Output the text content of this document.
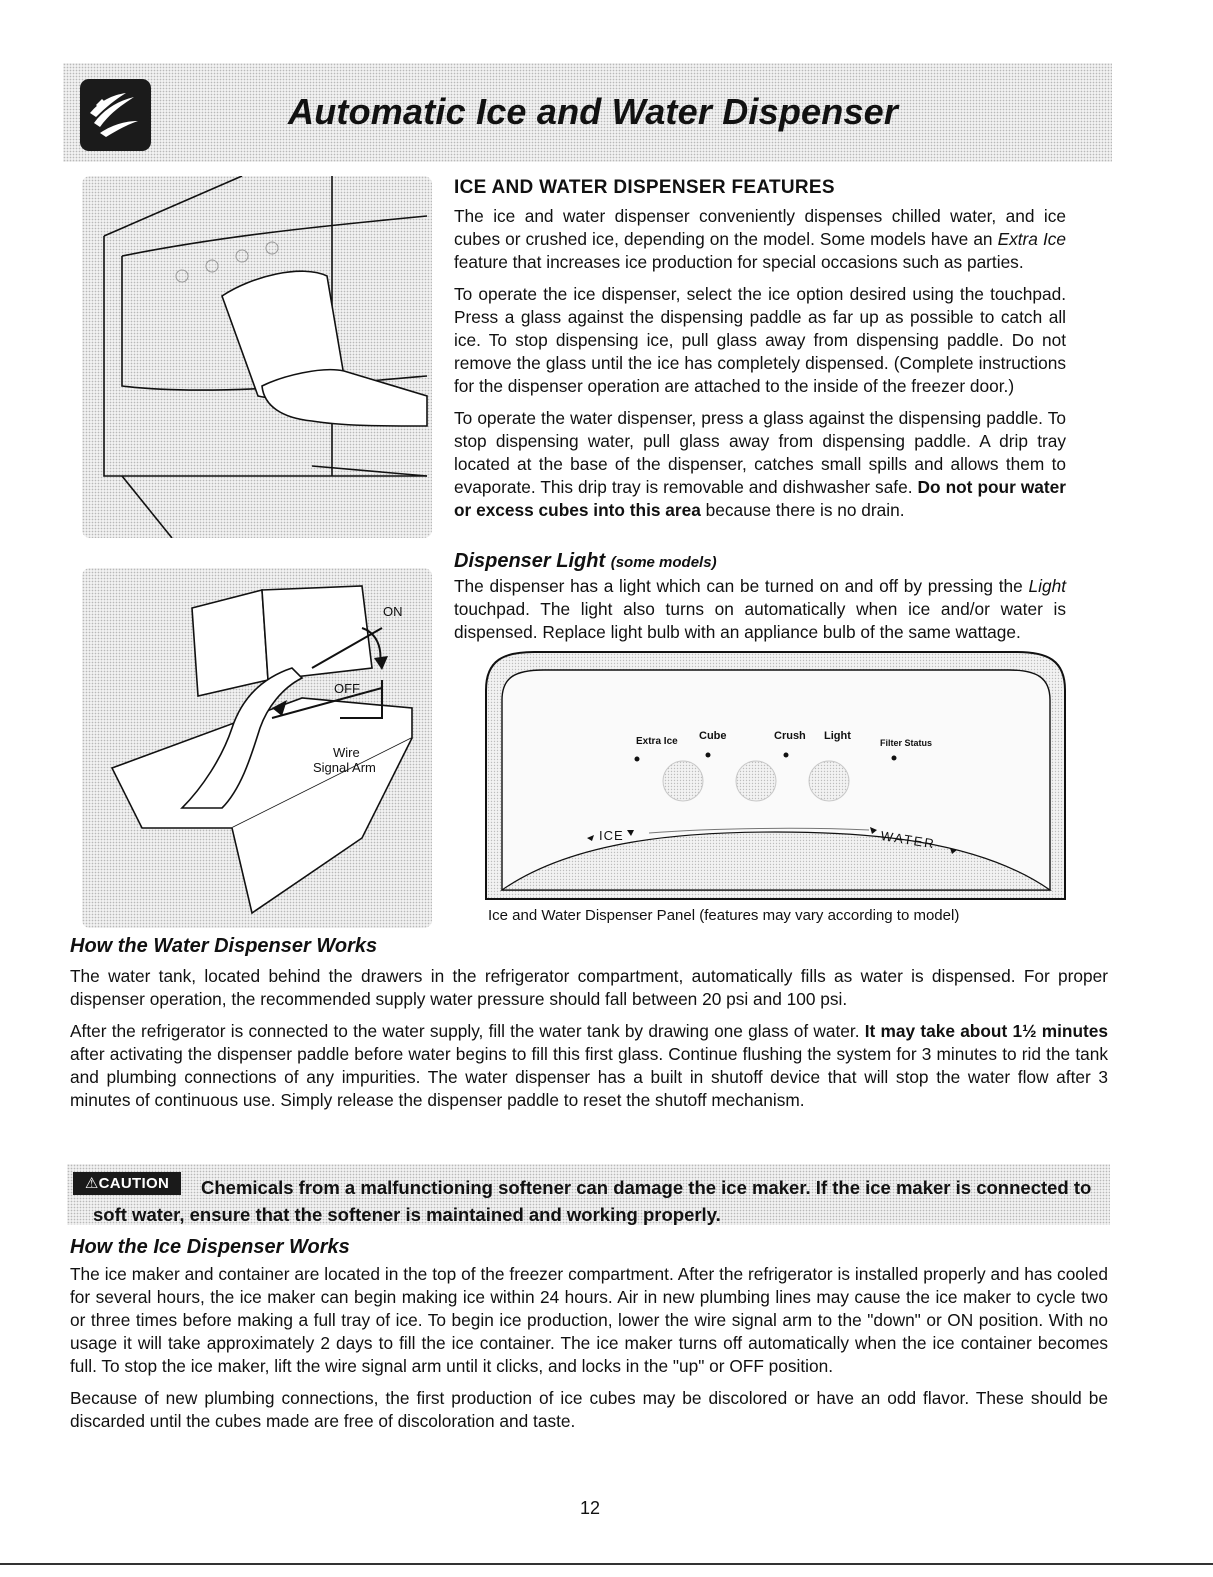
Automatic Ice and Water Dispenser
ON
OFF
Wire
Signal Arm
ICE AND WATER DISPENSER FEATURES

The ice and water dispenser conveniently dispenses chilled water, and ice cubes or crushed ice, depending on the model. Some models have an Extra Ice feature that increases ice production for special occasions such as parties.

To operate the ice dispenser, select the ice option desired using the touchpad. Press a glass against the dispensing paddle as far up as possible to catch all ice. To stop dispensing ice, pull glass away from dispensing paddle. Do not remove the glass until the ice has completely dispensed. (Complete instructions for the dispenser operation are attached to the inside of the freezer door.)

To operate the water dispenser, press a glass against the dispensing paddle. To stop dispensing water, pull glass away from dispensing paddle. A drip tray located at the base of the dispenser, catches small spills and allows them to evaporate. This drip tray is removable and dishwasher safe. Do not pour water or excess cubes into this area because there is no drain.

Dispenser Light (some models)

The dispenser has a light which can be turned on and off by pressing the Light touchpad. The light also turns on automatically when ice and/or water is dispensed. Replace light bulb with an appliance bulb of the same wattage.

Extra Ice Cube	Crush Light
Filter Status
ICE	WATER
Ice and Water Dispenser Panel (features may vary according to model)
How the Water Dispenser Works

The water tank, located behind the drawers in the refrigerator compartment, automatically fills as water is dispensed. For proper dispenser operation, the recommended supply water pressure should fall between 20 psi and 100 psi.

After the refrigerator is connected to the water supply, fill the water tank by drawing one glass of water. It may take about 1½ minutes after activating the dispenser paddle before water begins to fill this first glass. Continue flushing the system for 3 minutes to rid the tank and plumbing connections of any impurities. The water dispenser has a built in shutoff device that will stop the water flow after 3 minutes of continuous use. Simply release the dispenser paddle to reset the shutoff mechanism.

⚠CAUTION	Chemicals from a malfunctioning softener can damage the ice maker. If the ice maker is connected to soft water, ensure that the softener is maintained and working properly.
How the Ice Dispenser Works

The ice maker and container are located in the top of the freezer compartment. After the refrigerator is installed properly and has cooled for several hours, the ice maker can begin making ice within 24 hours. Air in new plumbing lines may cause the ice maker to cycle two or three times before making a full tray of ice. To begin ice production, lower the wire signal arm to the "down" or ON position. With no usage it will take approximately 2 days to fill the ice container. The ice maker turns off automatically when the ice container becomes full. To stop the ice maker, lift the wire signal arm until it clicks, and locks in the "up" or OFF position.

Because of new plumbing connections, the first production of ice cubes may be discolored or have an odd flavor. These should be discarded until the cubes made are free of discoloration and taste.

12
